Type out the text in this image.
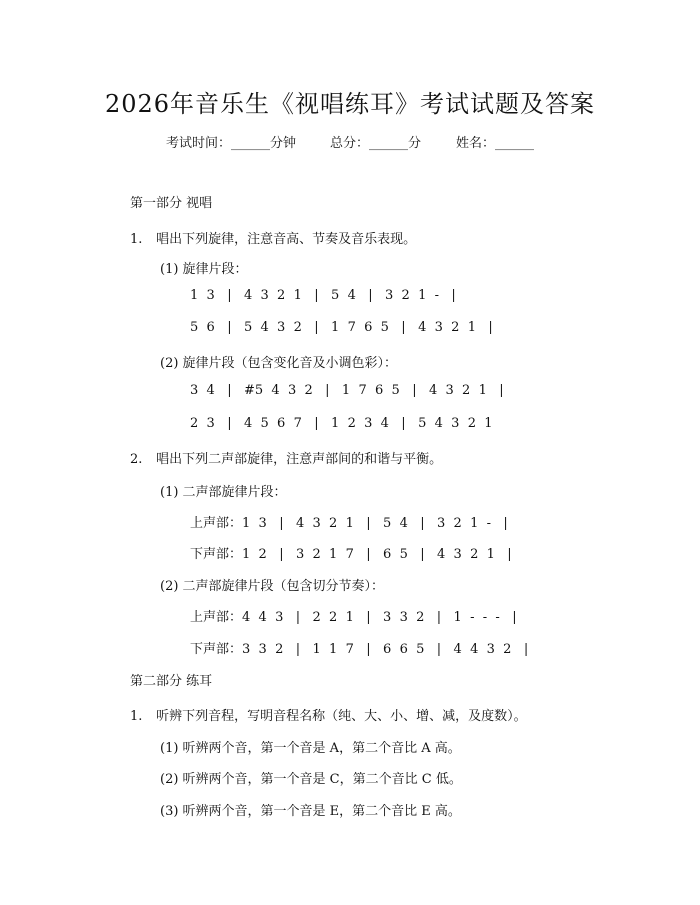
2026年音乐生《视唱练耳》考试试题及答案
考试时间：______分钟	总分：______分	姓名：______
第一部分 视唱
1. 唱出下列旋律，注意音高、节奏及音乐表现。
(1) 旋律片段：
1  3   |   4  3  2  1   |   5  4   |   3  2  1  -   |
5  6   |   5  4  3  2   |   1  7  6  5   |   4  3  2  1   |
(2) 旋律片段（包含变化音及小调色彩）：
3  4   |   #5  4  3  2   |   1  7  6  5   |   4  3  2  1   |
2  3   |   4  5  6  7   |   1  2  3  4   |   5  4  3  2  1
2. 唱出下列二声部旋律，注意声部间的和谐与平衡。
(1) 二声部旋律片段：
上声部：1  3   |   4  3  2  1   |   5  4   |   3  2  1  -   |
下声部：1  2   |   3  2  1  7   |   6  5   |   4  3  2  1   |
(2) 二声部旋律片段（包含切分节奏）：
上声部：4  4  3   |   2  2  1   |   3  3  2   |   1  -  -  -   |
下声部：3  3  2   |   1  1  7   |   6  6  5   |   4  4  3  2   |
第二部分 练耳
1. 听辨下列音程，写明音程名称（纯、大、小、增、减，及度数）。
(1) 听辨两个音，第一个音是 A，第二个音比 A 高。
(2) 听辨两个音，第一个音是 C，第二个音比 C 低。
(3) 听辨两个音，第一个音是 E，第二个音比 E 高。
